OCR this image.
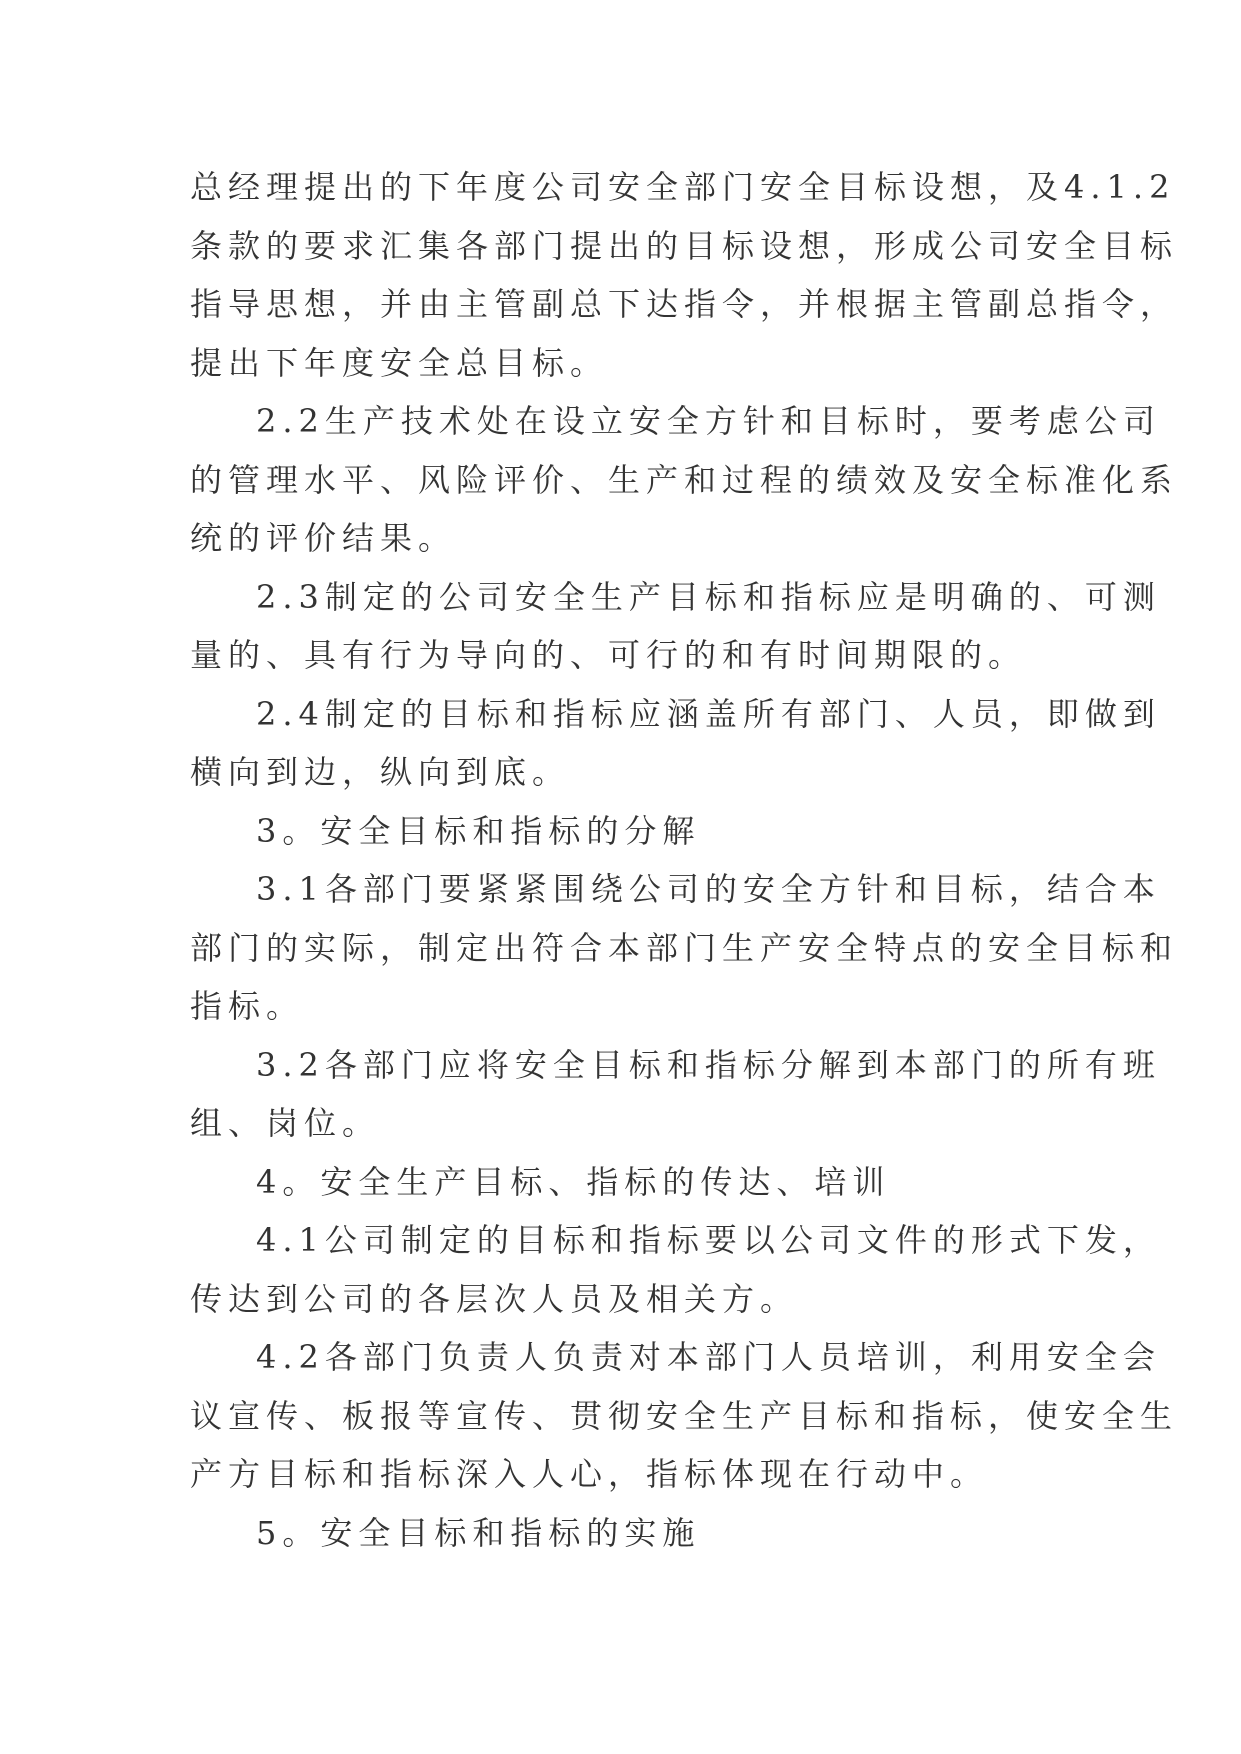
总经理提出的下年度公司安全部门安全目标设想，及4.1.2
条款的要求汇集各部门提出的目标设想，形成公司安全目标
指导思想，并由主管副总下达指令，并根据主管副总指令，
提出下年度安全总目标。
2.2生产技术处在设立安全方针和目标时，要考虑公司
的管理水平、风险评价、生产和过程的绩效及安全标准化系
统的评价结果。
2.3制定的公司安全生产目标和指标应是明确的、可测
量的、具有行为导向的、可行的和有时间期限的。
2.4制定的目标和指标应涵盖所有部门、人员，即做到
横向到边，纵向到底。
3。安全目标和指标的分解
3.1各部门要紧紧围绕公司的安全方针和目标，结合本
部门的实际，制定出符合本部门生产安全特点的安全目标和
指标。
3.2各部门应将安全目标和指标分解到本部门的所有班
组、岗位。
4。安全生产目标、指标的传达、培训
4.1公司制定的目标和指标要以公司文件的形式下发，
传达到公司的各层次人员及相关方。
4.2各部门负责人负责对本部门人员培训，利用安全会
议宣传、板报等宣传、贯彻安全生产目标和指标，使安全生
产方目标和指标深入人心，指标体现在行动中。
5。安全目标和指标的实施
